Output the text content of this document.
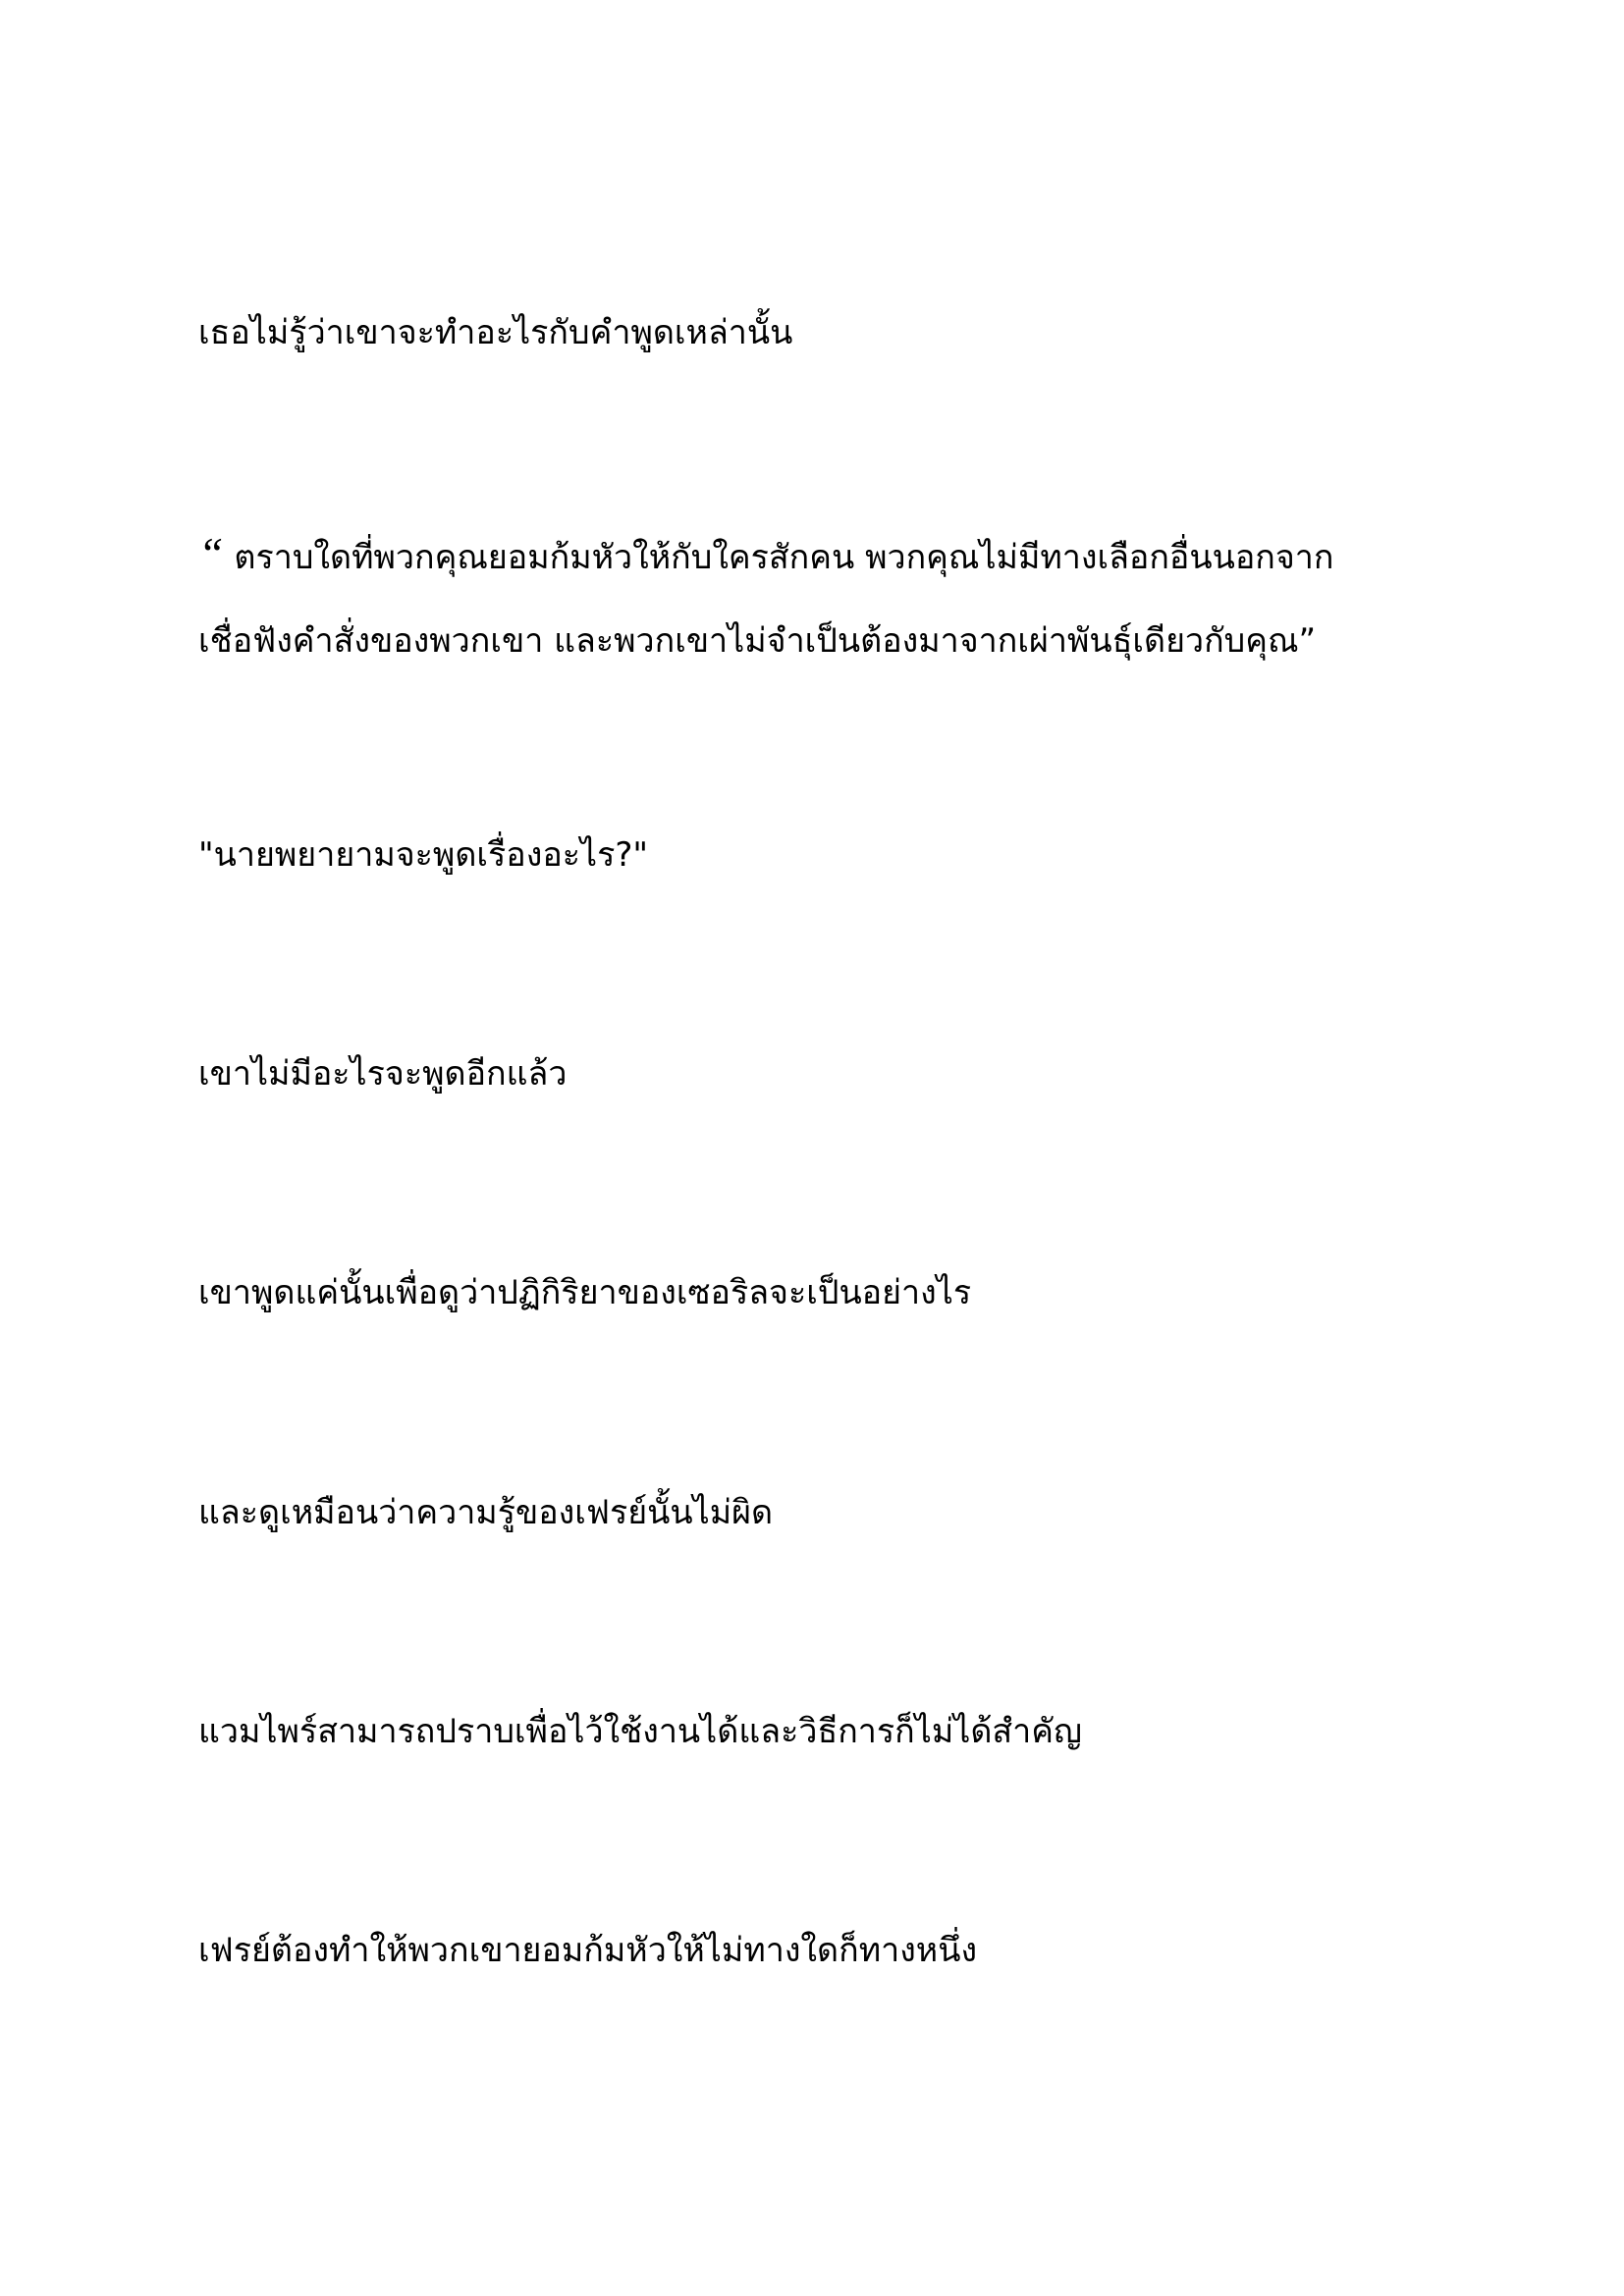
เธอไม่รู้ว่าเขาจะทำอะไรกับคำพูดเหล่านั้น

“ ตราบใดที่พวกคุณยอมก้มหัวให้กับใครสักคน พวกคุณไม่มีทางเลือกอื่นนอกจาก

เชื่อฟังคำสั่งของพวกเขา และพวกเขาไม่จำเป็นต้องมาจากเผ่าพันธุ์เดียวกับคุณ”

"นายพยายามจะพูดเรื่องอะไร?"

เขาไม่มีอะไรจะพูดอีกแล้ว

เขาพูดแค่นั้นเพื่อดูว่าปฏิกิริยาของเซอริลจะเป็นอย่างไร

และดูเหมือนว่าความรู้ของเฟรย์นั้นไม่ผิด

แวมไพร์สามารถปราบเพื่อไว้ใช้งานได้และวิธีการก็ไม่ได้สำคัญ

เฟรย์ต้องทำให้พวกเขายอมก้มหัวให้ไม่ทางใดก็ทางหนึ่ง
